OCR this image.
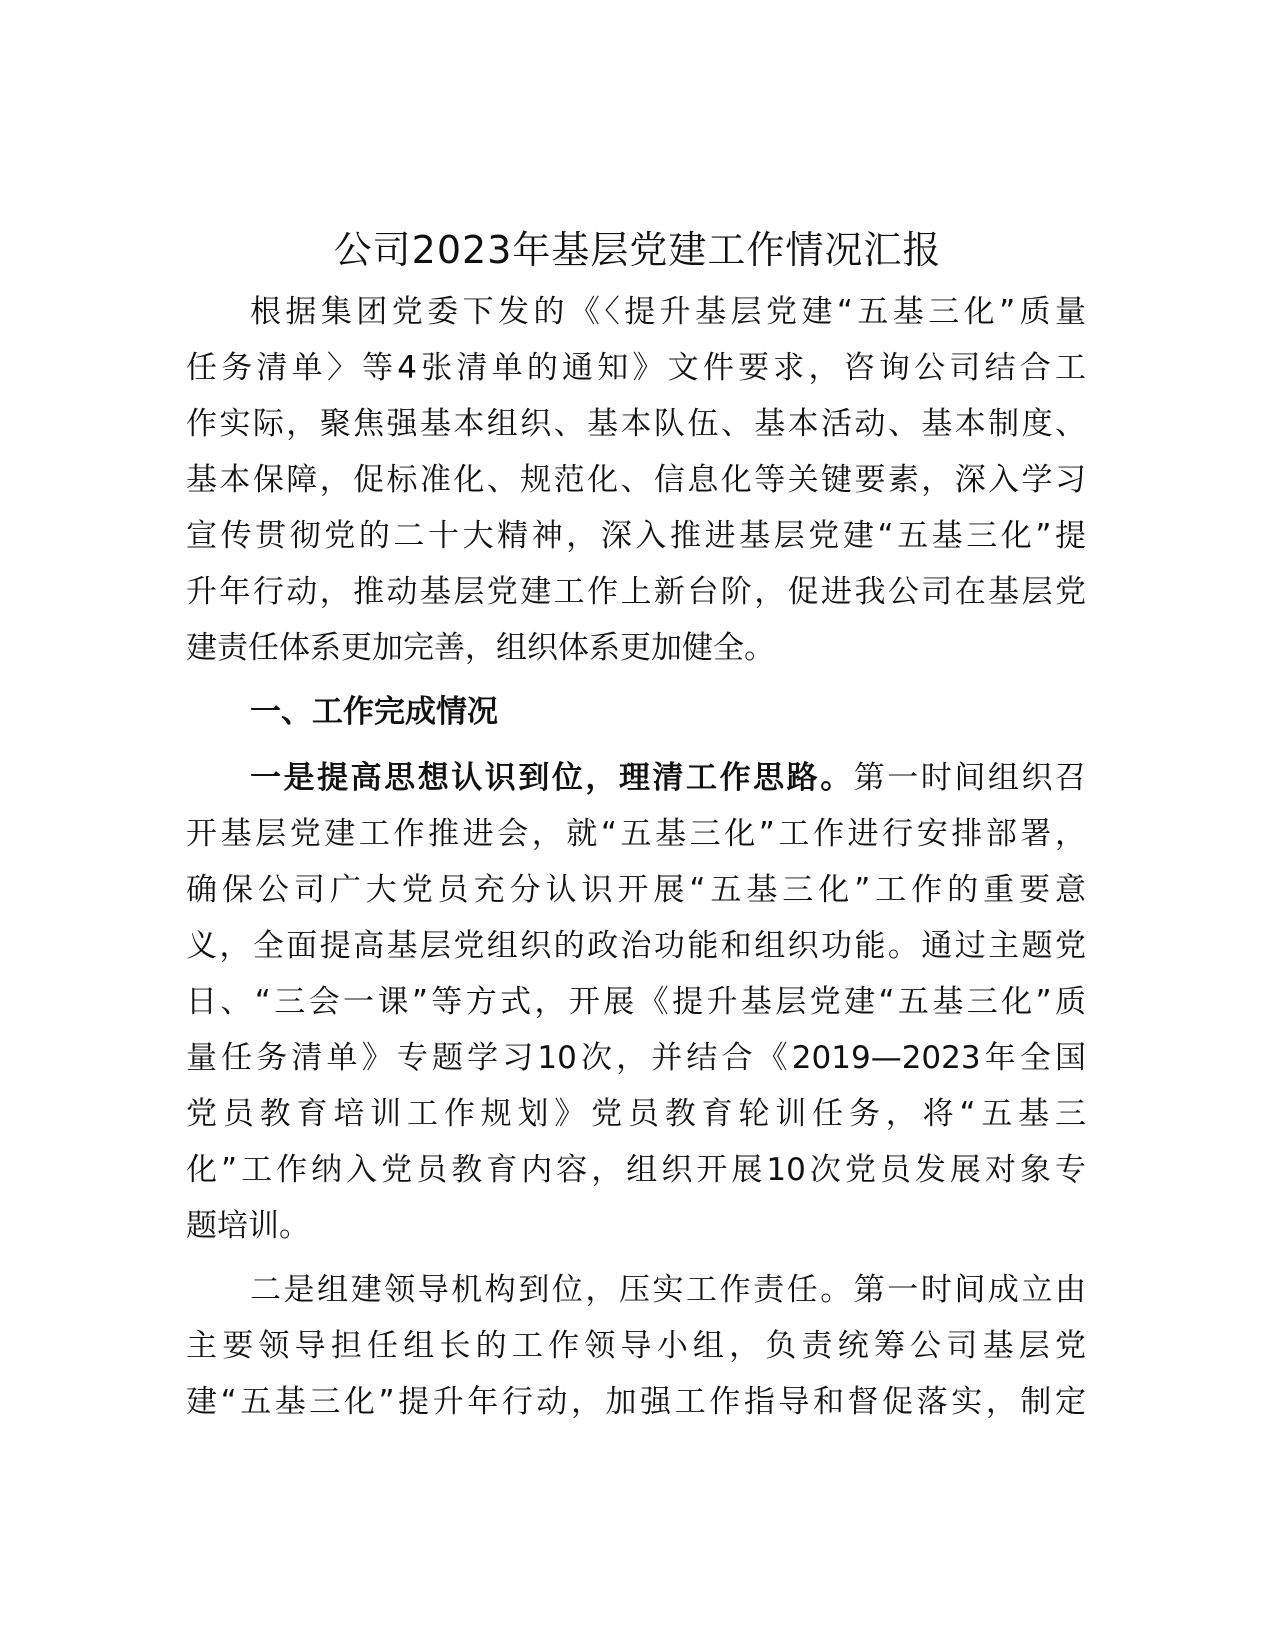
公司2023年基层党建工作情况汇报

根据集团党委下发的《〈提升基层党建“五基三化”质量

任务清单〉等4张清单的通知》文件要求，咨询公司结合工

作实际，聚焦强基本组织、基本队伍、基本活动、基本制度、

基本保障，促标准化、规范化、信息化等关键要素，深入学习

宣传贯彻党的二十大精神，深入推进基层党建“五基三化”提

升年行动，推动基层党建工作上新台阶，促进我公司在基层党

建责任体系更加完善，组织体系更加健全。

一、工作完成情况

一是提高思想认识到位，理清工作思路。第一时间组织召

开基层党建工作推进会，就“五基三化”工作进行安排部署，

确保公司广大党员充分认识开展“五基三化”工作的重要意

义，全面提高基层党组织的政治功能和组织功能。通过主题党

日、“三会一课”等方式，开展《提升基层党建“五基三化”质

量任务清单》专题学习10次，并结合《2019—2023年全国

党员教育培训工作规划》党员教育轮训任务，将“五基三

化”工作纳入党员教育内容，组织开展10次党员发展对象专

题培训。

二是组建领导机构到位，压实工作责任。第一时间成立由

主要领导担任组长的工作领导小组，负责统筹公司基层党

建“五基三化”提升年行动，加强工作指导和督促落实，制定
